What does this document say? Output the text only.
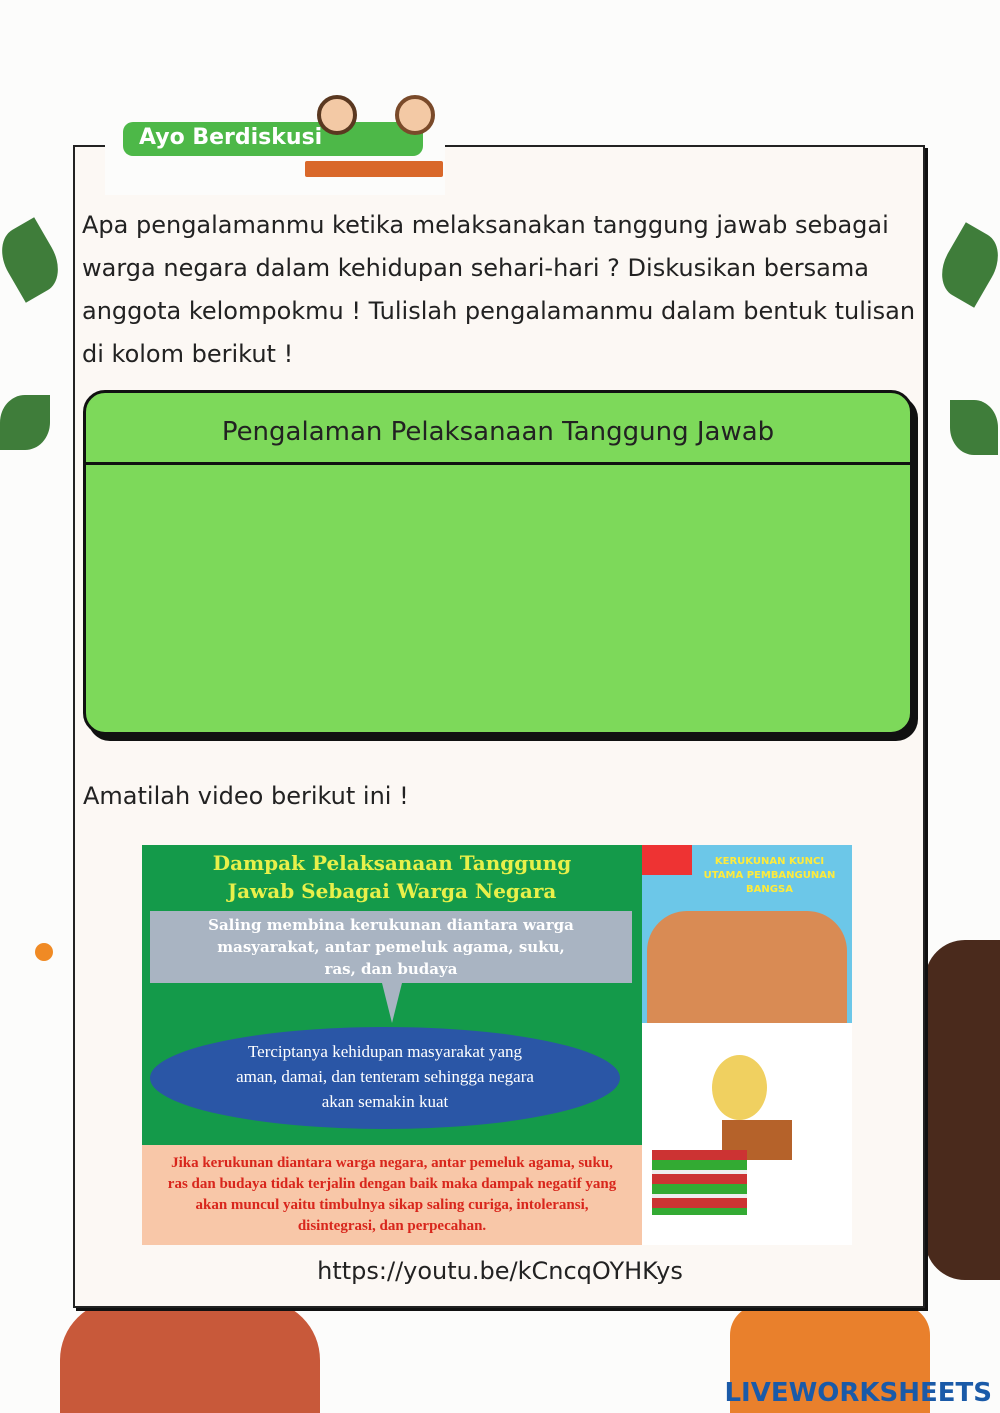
Ayo Berdiskusi

Apa pengalamanmu ketika melaksanakan tanggung jawab sebagai warga negara dalam kehidupan sehari-hari ? Diskusikan bersama anggota kelompokmu ! Tulislah pengalamanmu dalam bentuk tulisan di kolom berikut !

Pengalaman Pelaksanaan Tanggung Jawab
Amatilah video berikut ini !
Dampak Pelaksanaan Tanggung Jawab Sebagai Warga Negara
Saling membina kerukunan diantara warga masyarakat, antar pemeluk agama, suku, ras, dan budaya
Terciptanya kehidupan masyarakat yang aman, damai, dan tenteram sehingga negara akan semakin kuat
Jika kerukunan diantara warga negara, antar pemeluk agama, suku, ras dan budaya tidak terjalin dengan baik maka dampak negatif yang akan muncul yaitu timbulnya sikap saling curiga, intoleransi, disintegrasi, dan perpecahan.
KERUKUNAN KUNCI UTAMA PEMBANGUNAN BANGSA
https://youtu.be/kCncqOYHKys
LIVEWORKSHEETS
